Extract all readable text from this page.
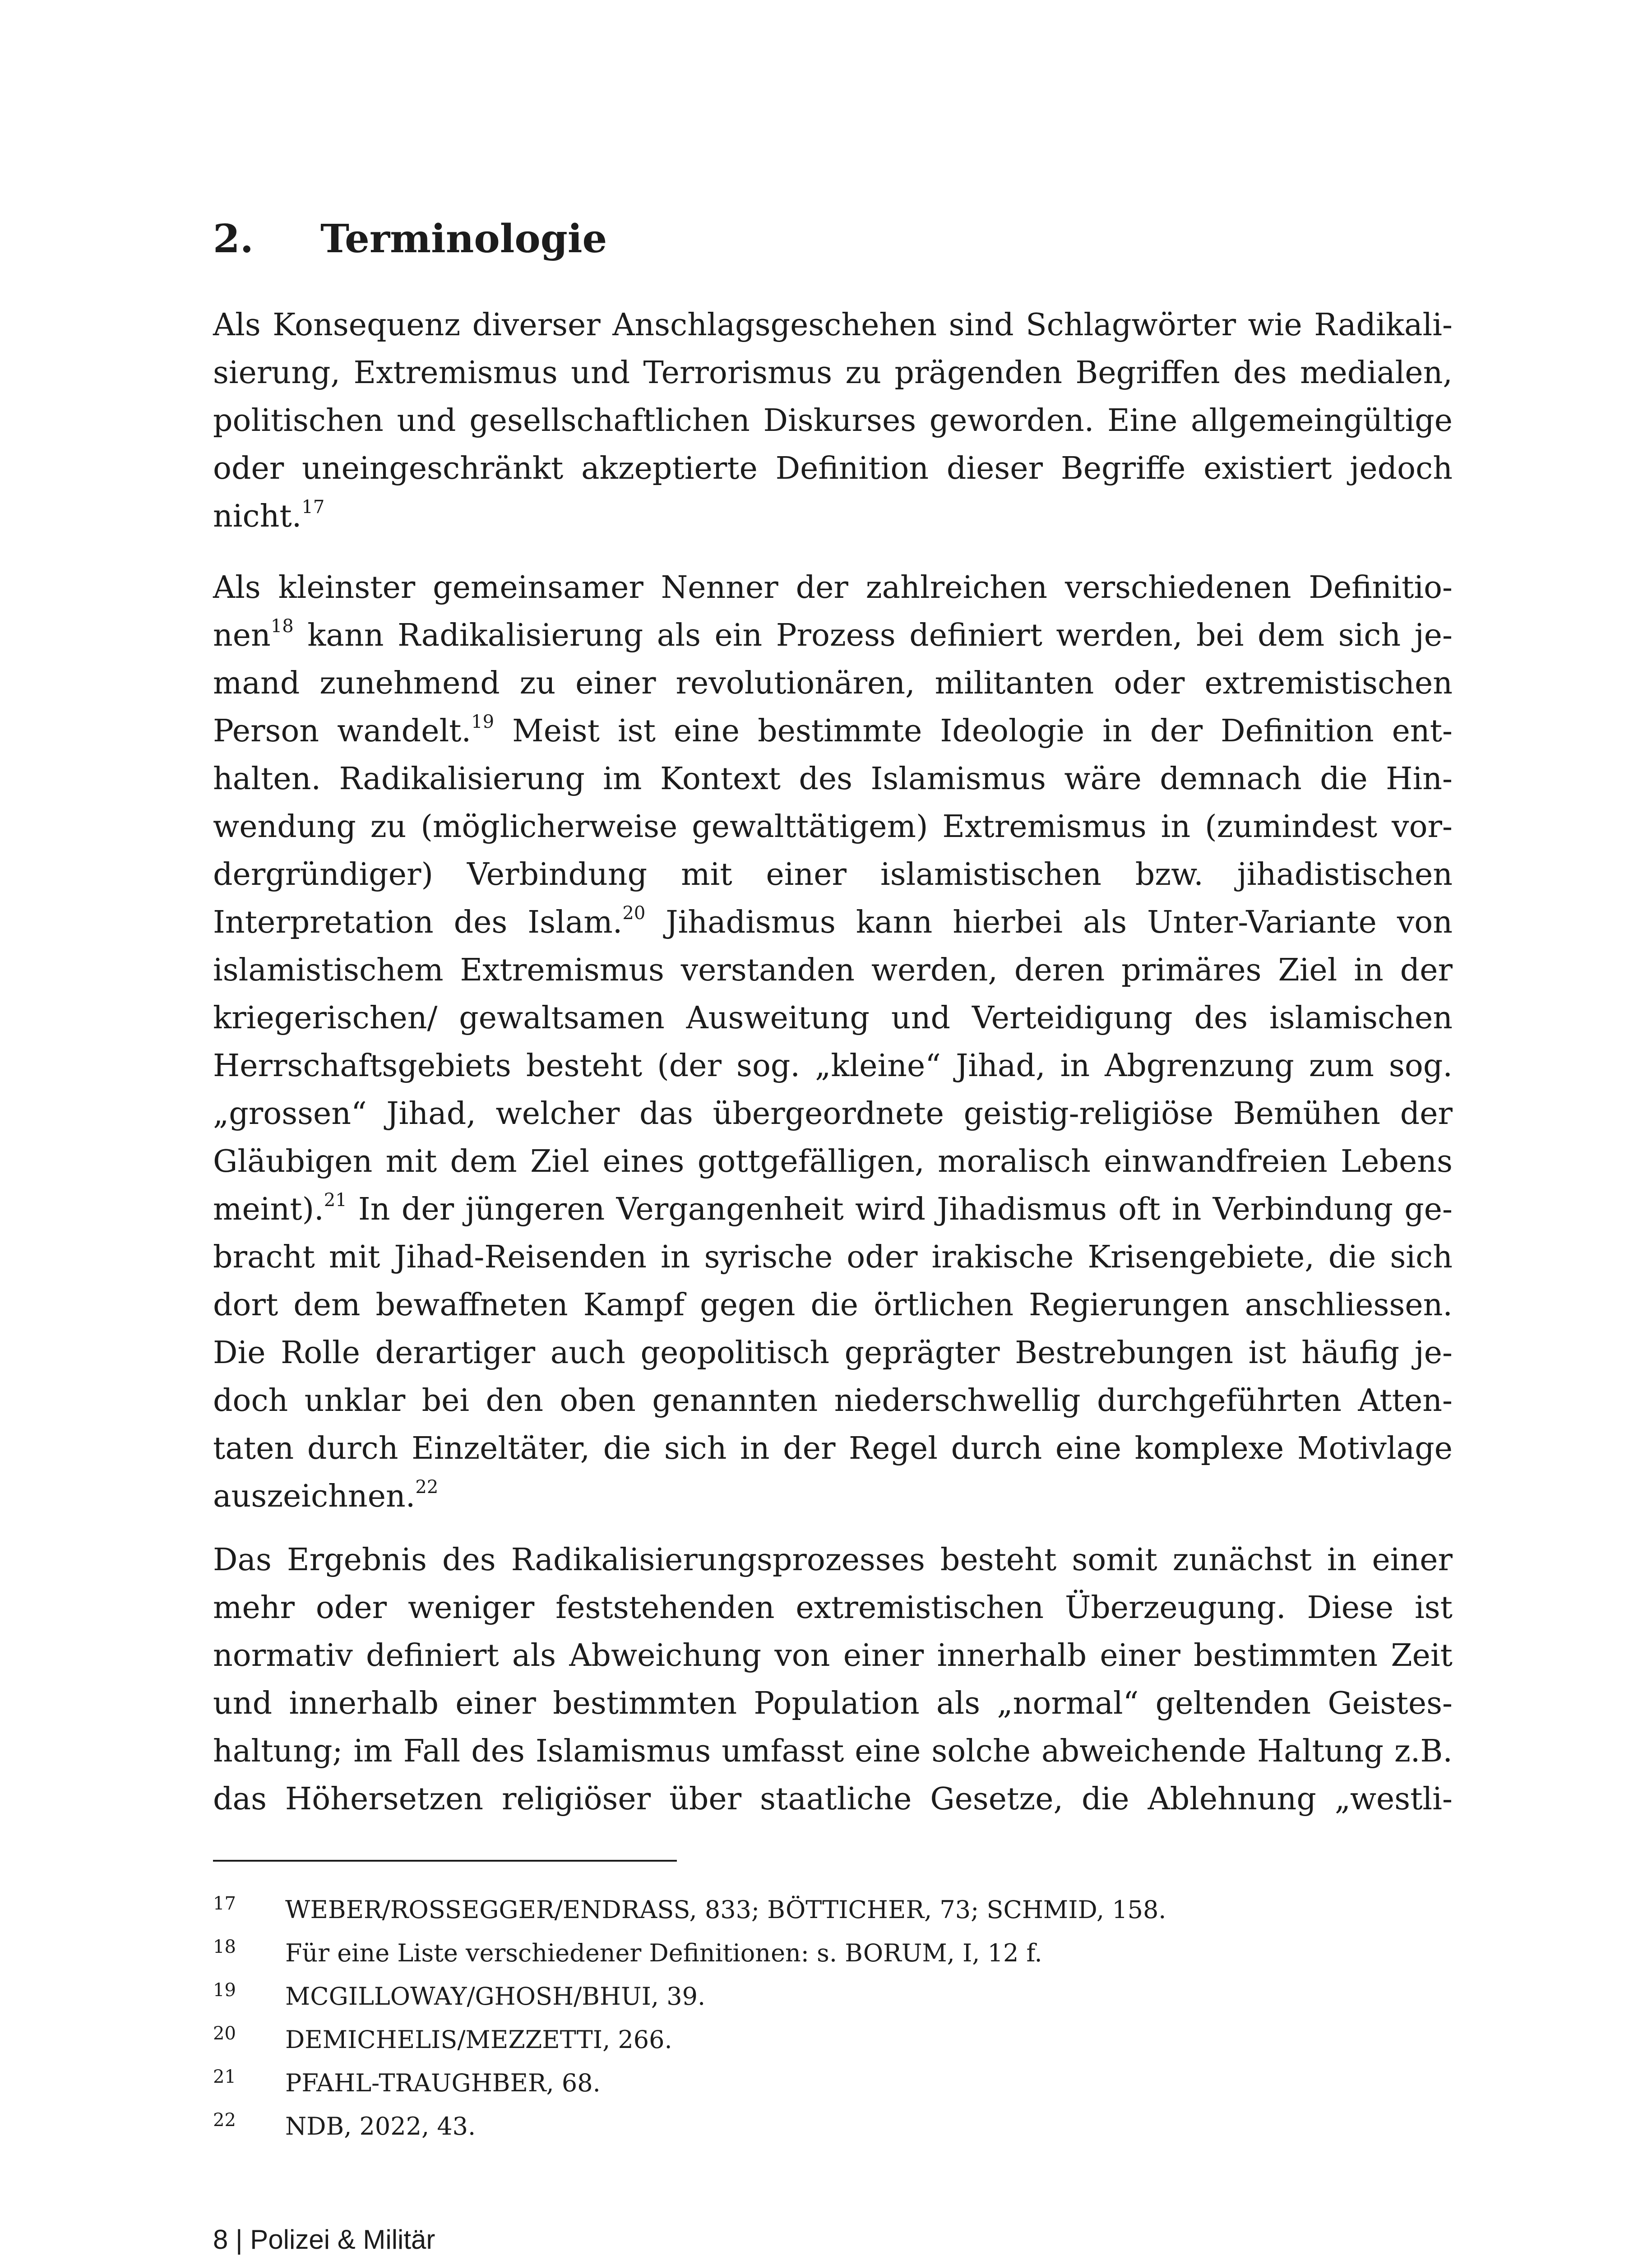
2. Terminologie
Als Konsequenz diverser Anschlagsgeschehen sind Schlagwörter wie Radikali-
sierung, Extremismus und Terrorismus zu prägenden Begriffen des medialen,
politischen und gesellschaftlichen Diskurses geworden. Eine allgemeingültige
oder uneingeschränkt akzeptierte Definition dieser Begriffe existiert jedoch
nicht.$^{17}$
Als kleinster gemeinsamer Nenner der zahlreichen verschiedenen Definitio-
nen$^{18}$ kann Radikalisierung als ein Prozess definiert werden, bei dem sich je-
mand zunehmend zu einer revolutionären, militanten oder extremistischen
Person wandelt.$^{19}$ Meist ist eine bestimmte Ideologie in der Definition ent-
halten. Radikalisierung im Kontext des Islamismus wäre demnach die Hin-
wendung zu (möglicherweise gewalttätigem) Extremismus in (zumindest vor-
dergründiger) Verbindung mit einer islamistischen bzw. jihadistischen
Interpretation des Islam.$^{20}$ Jihadismus kann hierbei als Unter-Variante von
islamistischem Extremismus verstanden werden, deren primäres Ziel in der
kriegerischen/ gewaltsamen Ausweitung und Verteidigung des islamischen
Herrschaftsgebiets besteht (der sog. „kleine“ Jihad, in Abgrenzung zum sog.
„grossen“ Jihad, welcher das übergeordnete geistig-religiöse Bemühen der
Gläubigen mit dem Ziel eines gottgefälligen, moralisch einwandfreien Lebens
meint).$^{21}$ In der jüngeren Vergangenheit wird Jihadismus oft in Verbindung ge-
bracht mit Jihad-Reisenden in syrische oder irakische Krisengebiete, die sich
dort dem bewaffneten Kampf gegen die örtlichen Regierungen anschliessen.
Die Rolle derartiger auch geopolitisch geprägter Bestrebungen ist häufig je-
doch unklar bei den oben genannten niederschwellig durchgeführten Atten-
taten durch Einzeltäter, die sich in der Regel durch eine komplexe Motivlage
auszeichnen.$^{22}$
Das Ergebnis des Radikalisierungsprozesses besteht somit zunächst in einer
mehr oder weniger feststehenden extremistischen Überzeugung. Diese ist
normativ definiert als Abweichung von einer innerhalb einer bestimmten Zeit
und innerhalb einer bestimmten Population als „normal“ geltenden Geistes-
haltung; im Fall des Islamismus umfasst eine solche abweichende Haltung z.B.
das Höhersetzen religiöser über staatliche Gesetze, die Ablehnung „westli-
17	WEBER/ROSSEGGER/ENDRASS, 833; BÖTTICHER, 73; SCHMID, 158.
18	Für eine Liste verschiedener Definitionen: s. BORUM, I, 12 f.
19	MCGILLOWAY/GHOSH/BHUI, 39.
20	DEMICHELIS/MEZZETTI, 266.
21	PFAHL-TRAUGHBER, 68.
22	NDB, 2022, 43.
8 | Polizei & Militär
